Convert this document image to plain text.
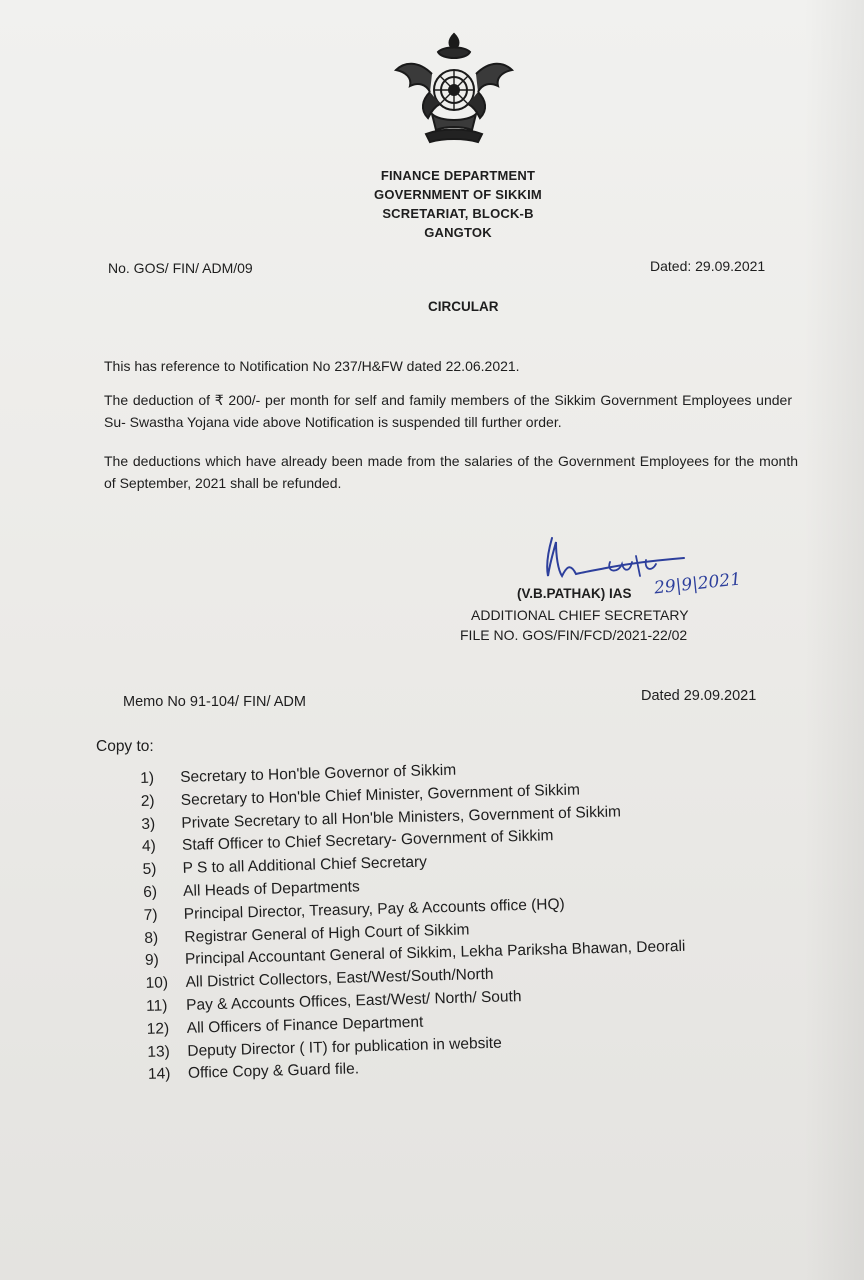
FINANCE DEPARTMENT
GOVERNMENT OF SIKKIM
SCRETARIAT, BLOCK-B
GANGTOK
No. GOS/ FIN/ ADM/09	Dated: 29.09.2021
CIRCULAR
This has reference to Notification No 237/H&FW dated 22.06.2021.
The deduction of ₹ 200/- per month for self and family members of the Sikkim Government Employees under Su- Swastha Yojana vide above Notification is suspended till further order.
The deductions which have already been made from the salaries of the Government Employees for the month of September, 2021 shall be refunded.
29|9|2021
(V.B.PATHAK) IAS
ADDITIONAL CHIEF SECRETARY
FILE NO. GOS/FIN/FCD/2021-22/02
Memo No 91-104/ FIN/ ADM	Dated 29.09.2021
Copy to:
1) Secretary to Hon'ble Governor of Sikkim
2) Secretary to Hon'ble Chief Minister, Government of Sikkim
3) Private Secretary to all Hon'ble Ministers, Government of Sikkim
4) Staff Officer to Chief Secretary- Government of Sikkim
5) P S to all Additional Chief Secretary
6) All Heads of Departments
7) Principal Director, Treasury, Pay & Accounts office (HQ)
8) Registrar General of High Court of Sikkim
9) Principal Accountant General of Sikkim, Lekha Pariksha Bhawan, Deorali
10) All District Collectors, East/West/South/North
11) Pay & Accounts Offices, East/West/ North/ South
12) All Officers of Finance Department
13) Deputy Director ( IT) for publication in website
14) Office Copy & Guard file.
